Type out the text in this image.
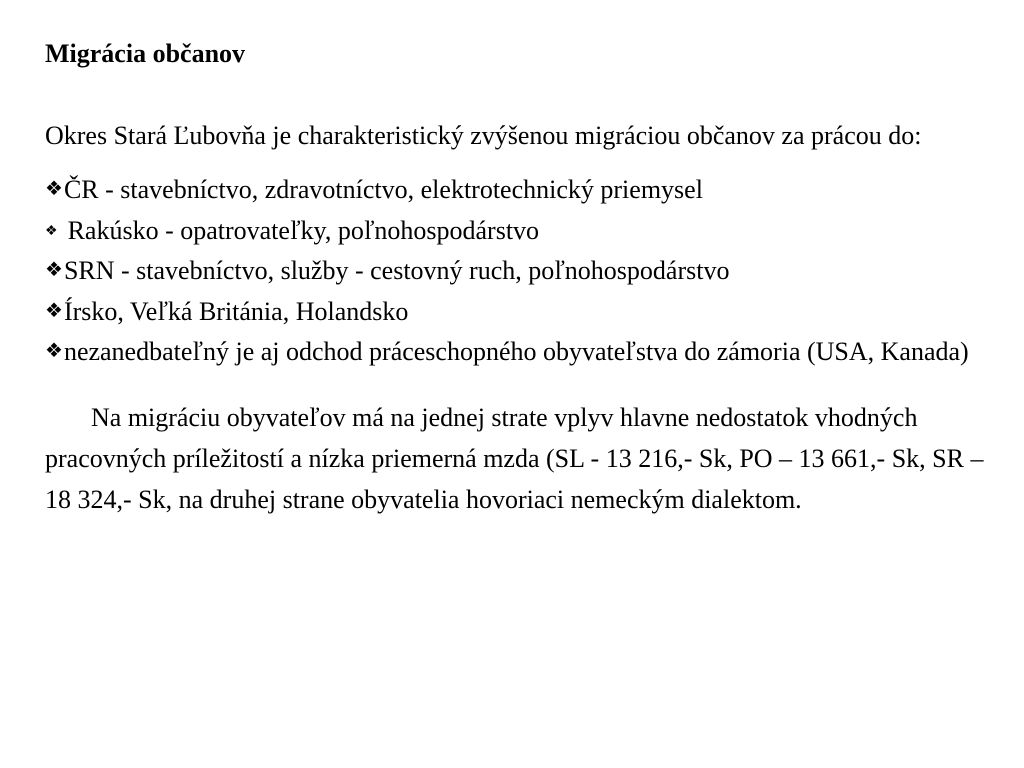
Migrácia občanov

Okres Stará Ľubovňa je charakteristický zvýšenou migráciou občanov za prácou do:

❖ČR - stavebníctvo, zdravotníctvo, elektrotechnický priemysel
❖ Rakúsko - opatrovateľky, poľnohospodárstvo
❖SRN - stavebníctvo, služby - cestovný ruch, poľnohospodárstvo
❖Írsko, Veľká Británia, Holandsko
❖nezanedbateľný je aj odchod práceschopného obyvateľstva do zámoria (USA, Kanada)

Na migráciu obyvateľov má na jednej strate vplyv hlavne nedostatok vhodných pracovných príležitostí a nízka priemerná mzda (SL - 13 216,- Sk, PO – 13 661,- Sk, SR – 18 324,- Sk, na druhej strane obyvatelia hovoriaci nemeckým dialektom.
